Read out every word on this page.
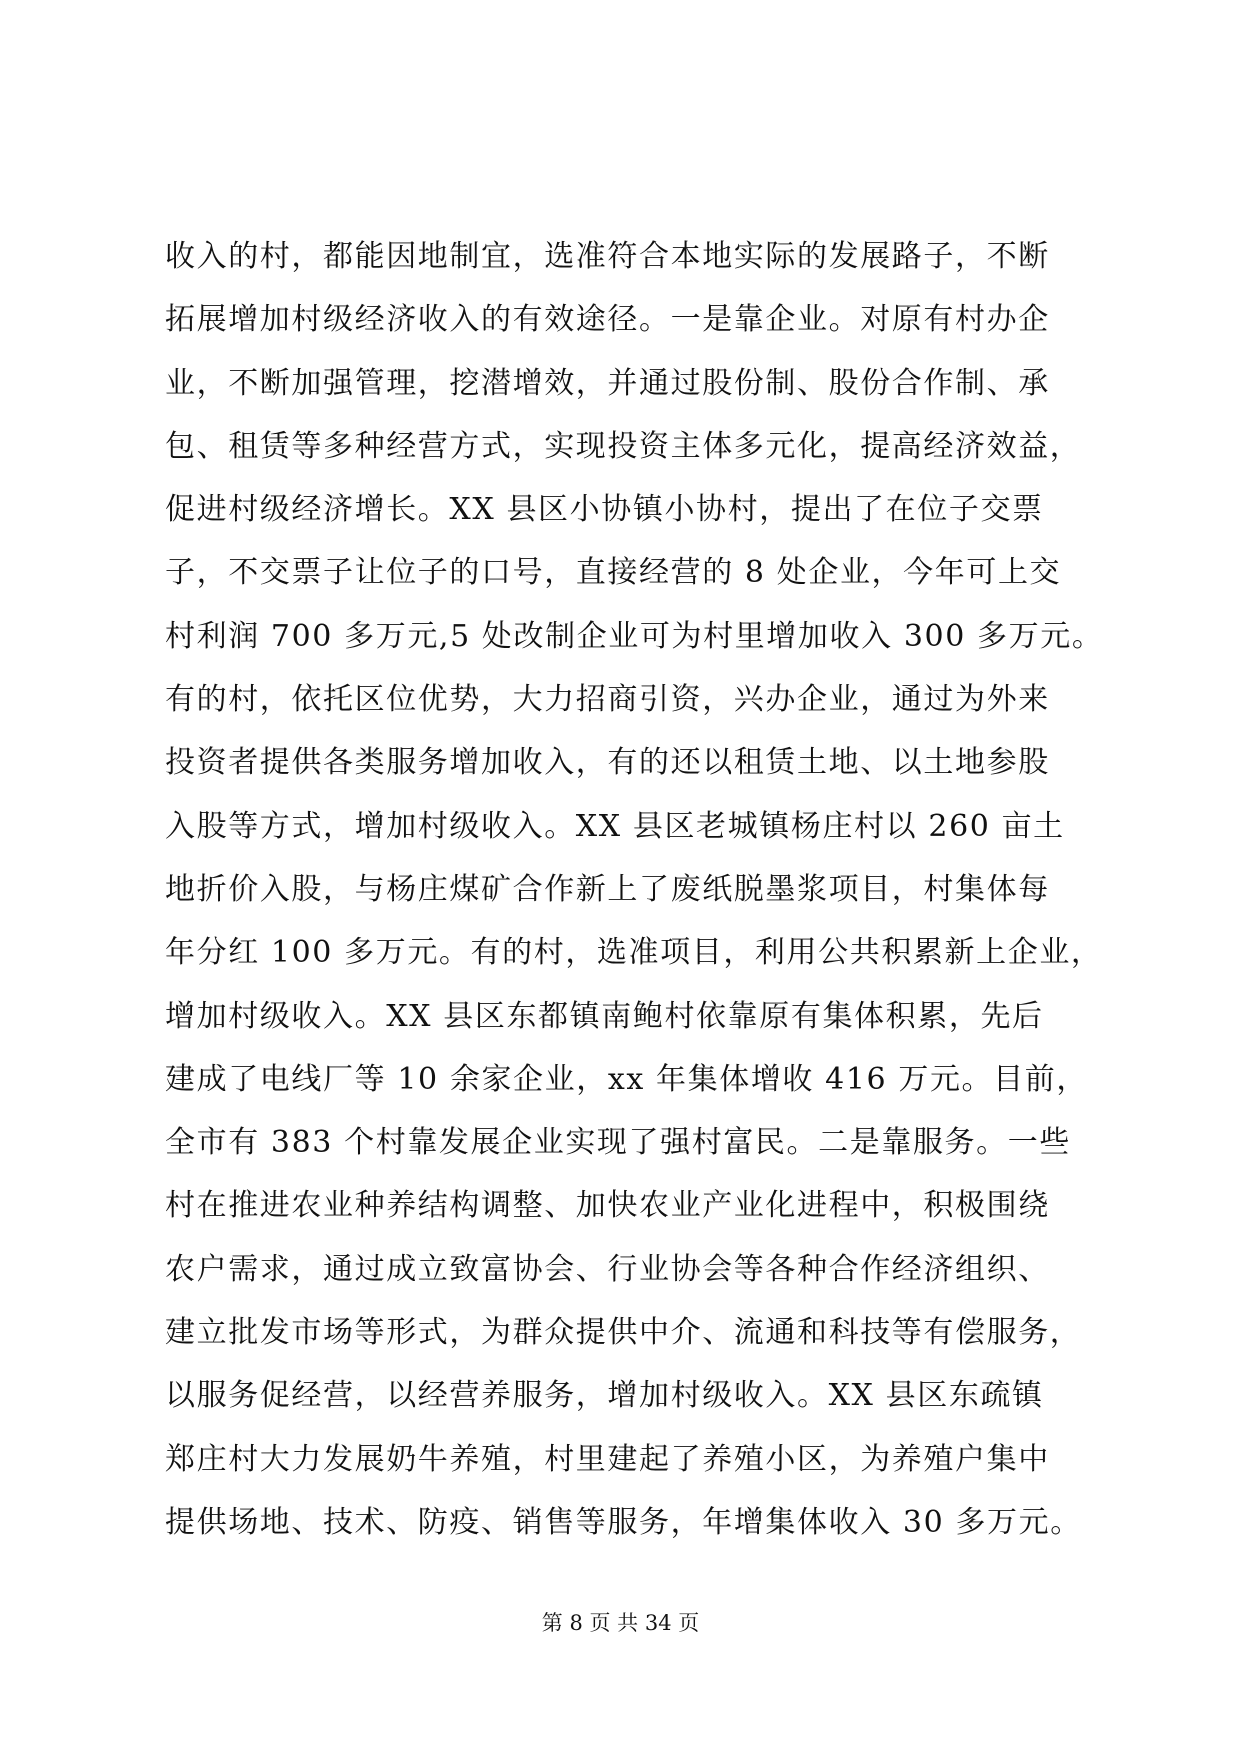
收入的村，都能因地制宜，选准符合本地实际的发展路子，不断
拓展增加村级经济收入的有效途径。一是靠企业。对原有村办企
业，不断加强管理，挖潜增效，并通过股份制、股份合作制、承
包、租赁等多种经营方式，实现投资主体多元化，提高经济效益，
促进村级经济增长。XX 县区小协镇小协村，提出了在位子交票
子，不交票子让位子的口号，直接经营的 8 处企业，今年可上交
村利润 700 多万元,5 处改制企业可为村里增加收入 300 多万元。
有的村，依托区位优势，大力招商引资，兴办企业，通过为外来
投资者提供各类服务增加收入，有的还以租赁土地、以土地参股
入股等方式，增加村级收入。XX 县区老城镇杨庄村以 260 亩土
地折价入股，与杨庄煤矿合作新上了废纸脱墨浆项目，村集体每
年分红 100 多万元。有的村，选准项目，利用公共积累新上企业，
增加村级收入。XX 县区东都镇南鲍村依靠原有集体积累，先后
建成了电线厂等 10 余家企业，xx 年集体增收 416 万元。目前，
全市有 383 个村靠发展企业实现了强村富民。二是靠服务。一些
村在推进农业种养结构调整、加快农业产业化进程中，积极围绕
农户需求，通过成立致富协会、行业协会等各种合作经济组织、
建立批发市场等形式，为群众提供中介、流通和科技等有偿服务，
以服务促经营，以经营养服务，增加村级收入。XX 县区东疏镇
郑庄村大力发展奶牛养殖，村里建起了养殖小区，为养殖户集中
提供场地、技术、防疫、销售等服务，年增集体收入 30 多万元。
第 8 页 共 34 页
